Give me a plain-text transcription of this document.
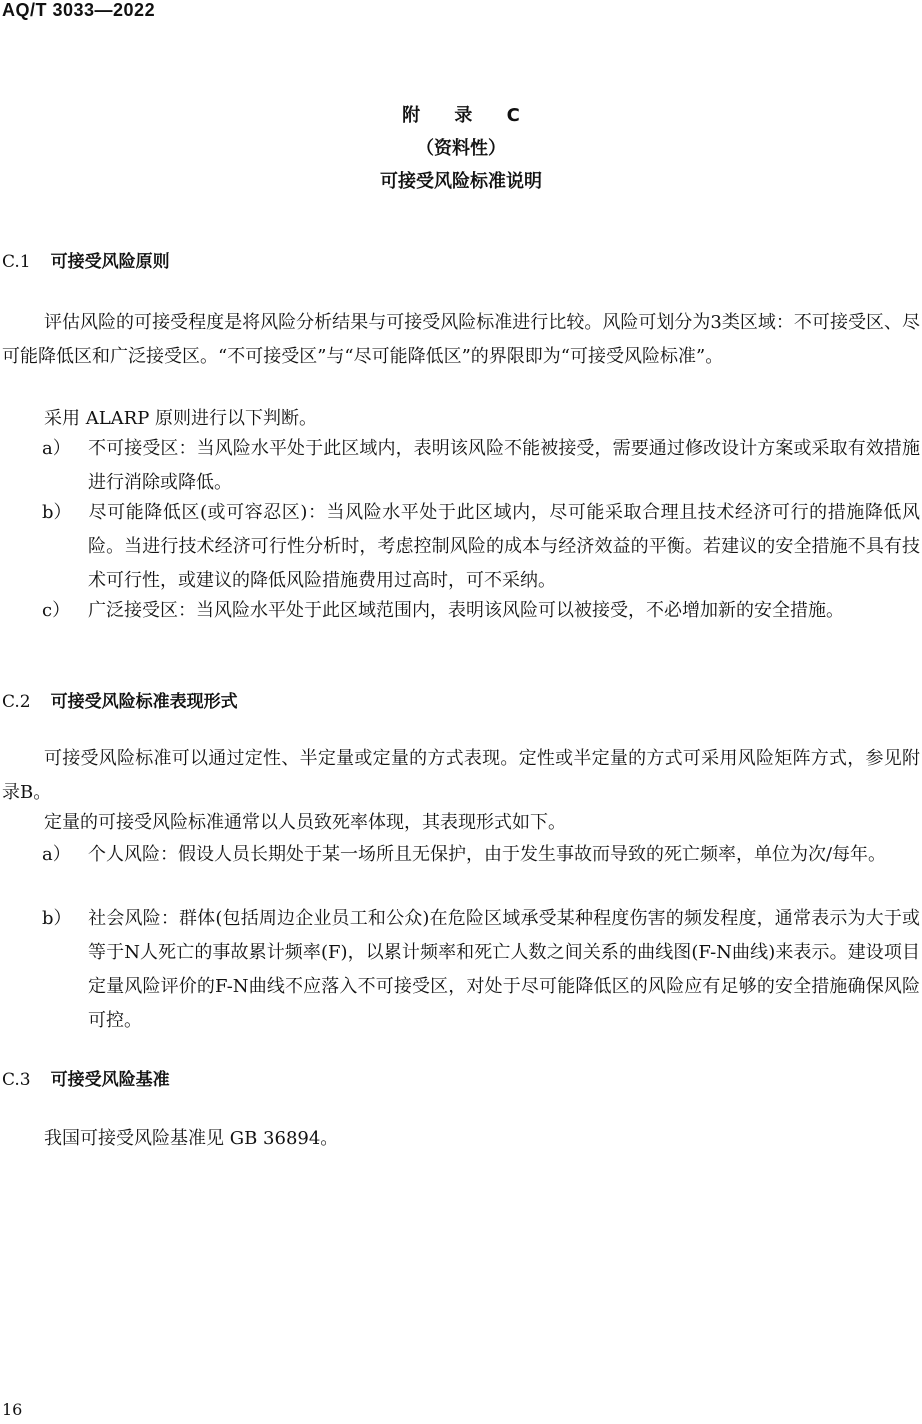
AQ/T 3033—2022
附 录 C
（资料性）
可接受风险标准说明
C.1 可接受风险原则

评估风险的可接受程度是将风险分析结果与可接受风险标准进行比较。风险可划分为3类区域：不可接受区、尽可能降低区和广泛接受区。“不可接受区”与“尽可能降低区”的界限即为“可接受风险标准”。

采用 ALARP 原则进行以下判断。

a） 不可接受区：当风险水平处于此区域内，表明该风险不能被接受，需要通过修改设计方案或采取有效措施进行消除或降低。
b） 尽可能降低区(或可容忍区)：当风险水平处于此区域内，尽可能采取合理且技术经济可行的措施降低风险。当进行技术经济可行性分析时，考虑控制风险的成本与经济效益的平衡。若建议的安全措施不具有技术可行性，或建议的降低风险措施费用过高时，可不采纳。
c） 广泛接受区：当风险水平处于此区域范围内，表明该风险可以被接受，不必增加新的安全措施。
C.2 可接受风险标准表现形式

可接受风险标准可以通过定性、半定量或定量的方式表现。定性或半定量的方式可采用风险矩阵方式，参见附录B。

定量的可接受风险标准通常以人员致死率体现，其表现形式如下。

a） 个人风险：假设人员长期处于某一场所且无保护，由于发生事故而导致的死亡频率，单位为次/每年。
b） 社会风险：群体(包括周边企业员工和公众)在危险区域承受某种程度伤害的频发程度，通常表示为大于或等于N人死亡的事故累计频率(F)，以累计频率和死亡人数之间关系的曲线图(F-N曲线)来表示。建设项目定量风险评价的F-N曲线不应落入不可接受区，对处于尽可能降低区的风险应有足够的安全措施确保风险可控。
C.3 可接受风险基准

我国可接受风险基准见 GB 36894。

16
